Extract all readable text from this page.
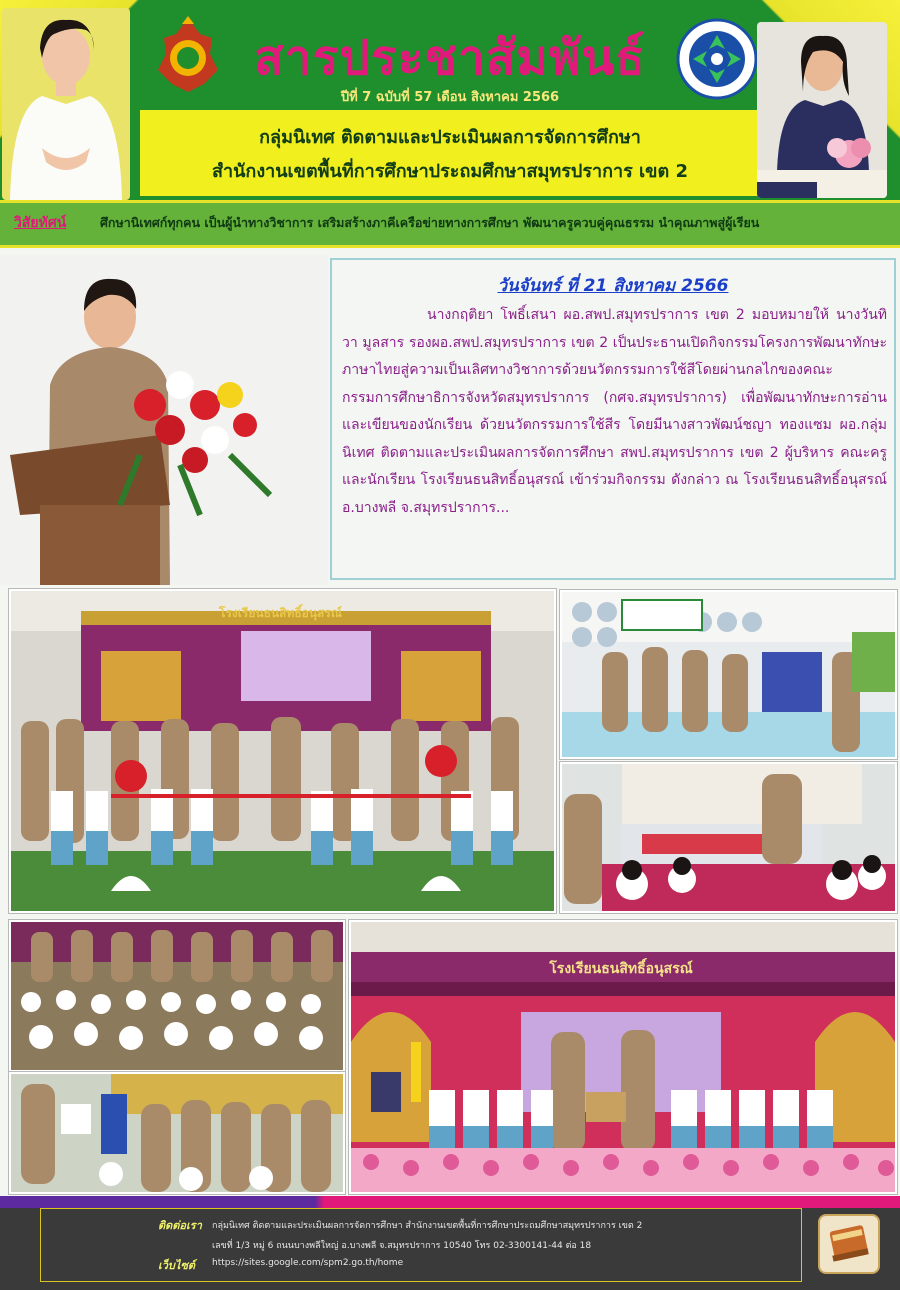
สารประชาสัมพันธ์
ปีที่ 7 ฉบับที่ 57 เดือน สิงหาคม 2566
กลุ่มนิเทศ ติดตามและประเมินผลการจัดการศึกษา
สำนักงานเขตพื้นที่การศึกษาประถมศึกษาสมุทรปราการ เขต 2
วิสัยทัศน์	ศึกษานิเทศก์ทุกคน เป็นผู้นำทางวิชาการ เสริมสร้างภาคีเครือข่ายทางการศึกษา พัฒนาครูควบคู่คุณธรรม นำคุณภาพสู่ผู้เรียน
วันจันทร์ ที่ 21 สิงหาคม 2566
นางกฤติยา โพธิ์เสนา ผอ.สพป.สมุทรปราการ เขต 2 มอบหมายให้ นางวันทิวา มูลสาร รองผอ.สพป.สมุทรปราการ เขต 2 เป็นประธานเปิดกิจกรรมโครงการพัฒนาทักษะภาษาไทยสู่ความเป็นเลิศทางวิชาการด้วยนวัตกรรมการใช้สีโดยผ่านกลไกของคณะกรรมการศึกษาธิการจังหวัดสมุทรปราการ (กศจ.สมุทรปราการ) เพื่อพัฒนาทักษะการอ่านและเขียนของนักเรียน ด้วยนวัตกรรมการใช้สีร โดยมีนางสาวพัฒน์ชญา ทองแซม ผอ.กลุ่มนิเทศ ติดตามและประเมินผลการจัดการศึกษา สพป.สมุทรปราการ เขต 2 ผู้บริหาร คณะครู และนักเรียน โรงเรียนธนสิทธิ์อนุสรณ์ เข้าร่วมกิจกรรม ดังกล่าว ณ โรงเรียนธนสิทธิ์อนุสรณ์ อ.บางพลี จ.สมุทรปราการ...
โรงเรียนธนสิทธิ์อนุสรณ์
โรงเรียนธนสิทธิ์อนุสรณ์
ติดต่อเรา กลุ่มนิเทศ ติดตามและประเมินผลการจัดการศึกษา สำนักงานเขตพื้นที่การศึกษาประถมศึกษาสมุทรปราการ เขต 2
เลขที่ 1/3 หมู่ 6 ถนนบางพลีใหญ่ อ.บางพลี จ.สมุทรปราการ 10540 โทร 02-3300141-44 ต่อ 18
เว็บไซต์ https://sites.google.com/spm2.go.th/home
